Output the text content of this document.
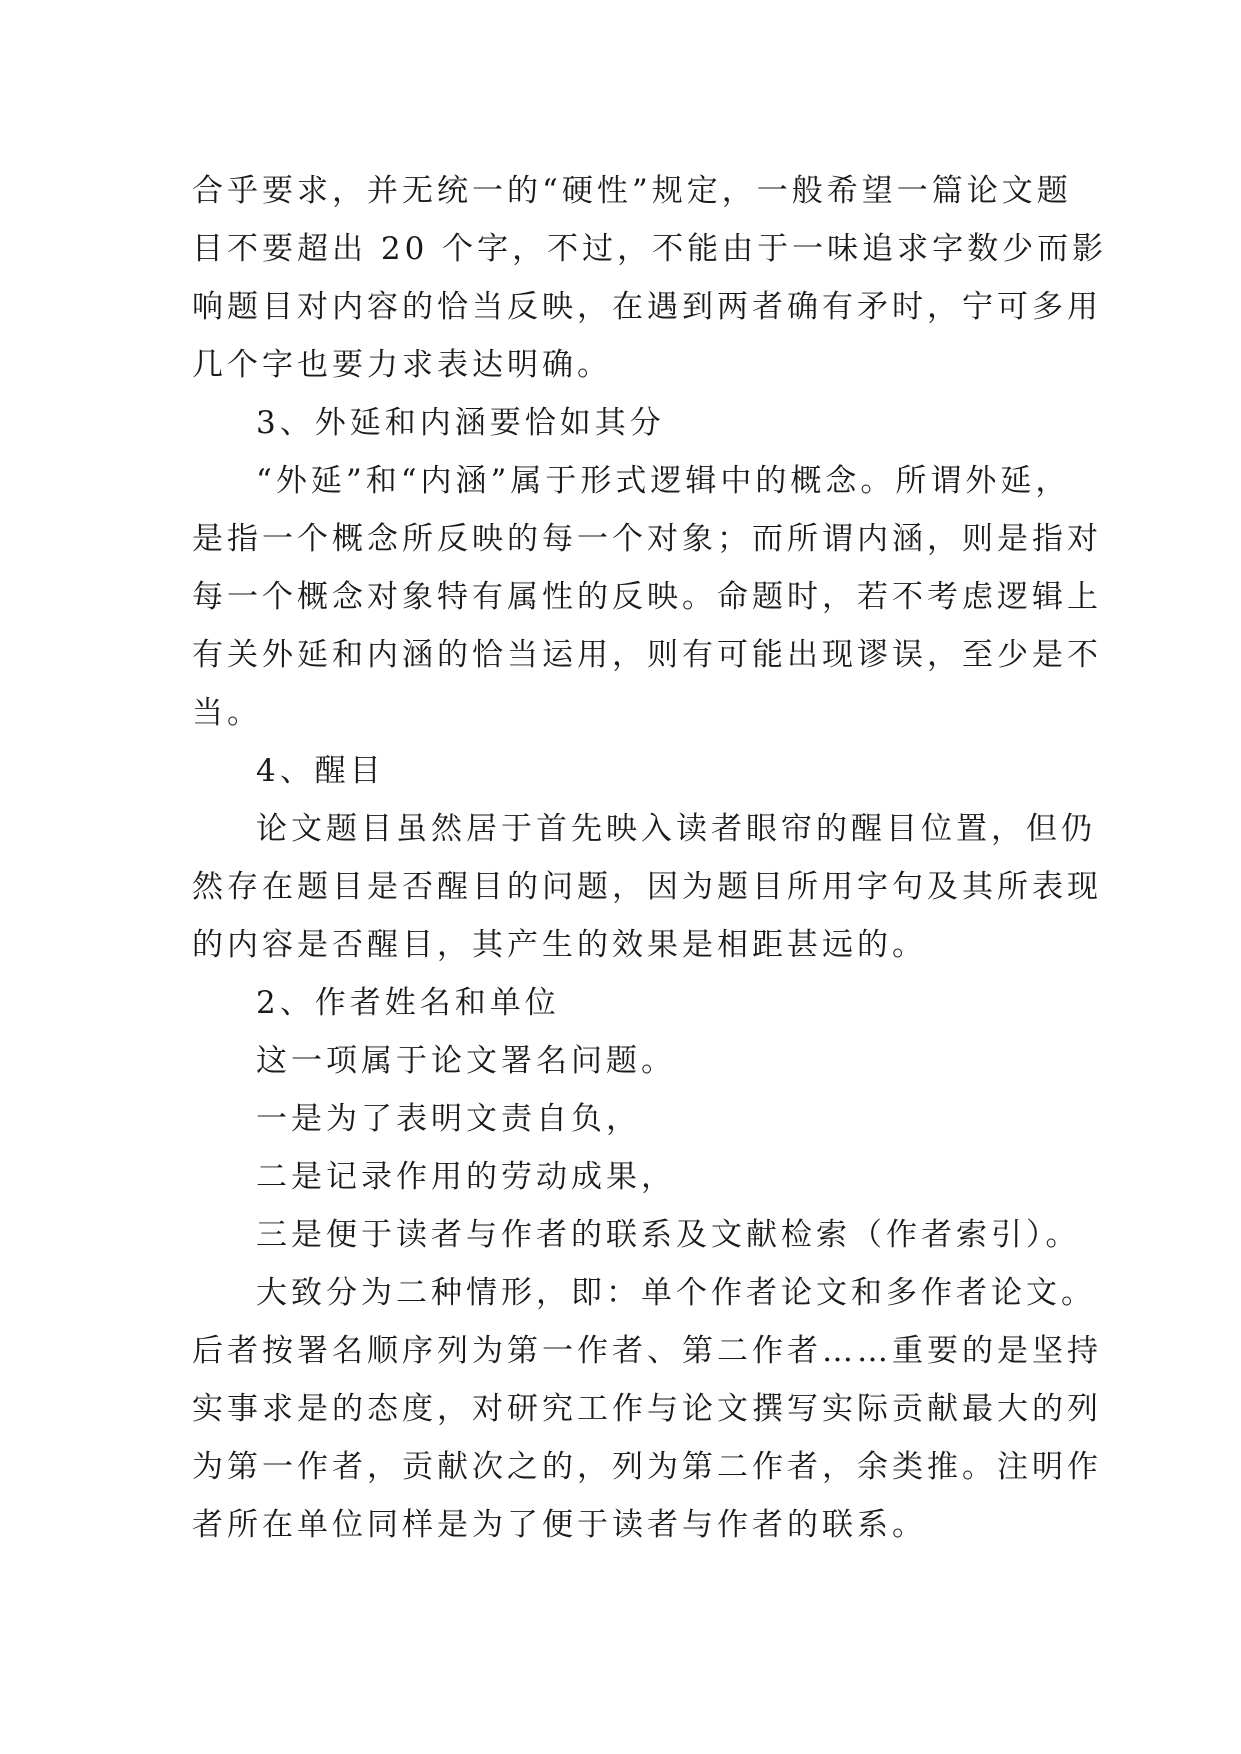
合乎要求，并无统一的“硬性”规定，一般希望一篇论文题
目不要超出 20 个字，不过，不能由于一味追求字数少而影
响题目对内容的恰当反映，在遇到两者确有矛时，宁可多用
几个字也要力求表达明确。
3、外延和内涵要恰如其分
“外延”和“内涵”属于形式逻辑中的概念。所谓外延，
是指一个概念所反映的每一个对象；而所谓内涵，则是指对
每一个概念对象特有属性的反映。命题时，若不考虑逻辑上
有关外延和内涵的恰当运用，则有可能出现谬误，至少是不
当。
4、醒目
论文题目虽然居于首先映入读者眼帘的醒目位置，但仍
然存在题目是否醒目的问题，因为题目所用字句及其所表现
的内容是否醒目，其产生的效果是相距甚远的。
2、作者姓名和单位
这一项属于论文署名问题。
一是为了表明文责自负，
二是记录作用的劳动成果，
三是便于读者与作者的联系及文献检索（作者索引）。
大致分为二种情形，即：单个作者论文和多作者论文。
后者按署名顺序列为第一作者、第二作者……重要的是坚持
实事求是的态度，对研究工作与论文撰写实际贡献最大的列
为第一作者，贡献次之的，列为第二作者，余类推。注明作
者所在单位同样是为了便于读者与作者的联系。
